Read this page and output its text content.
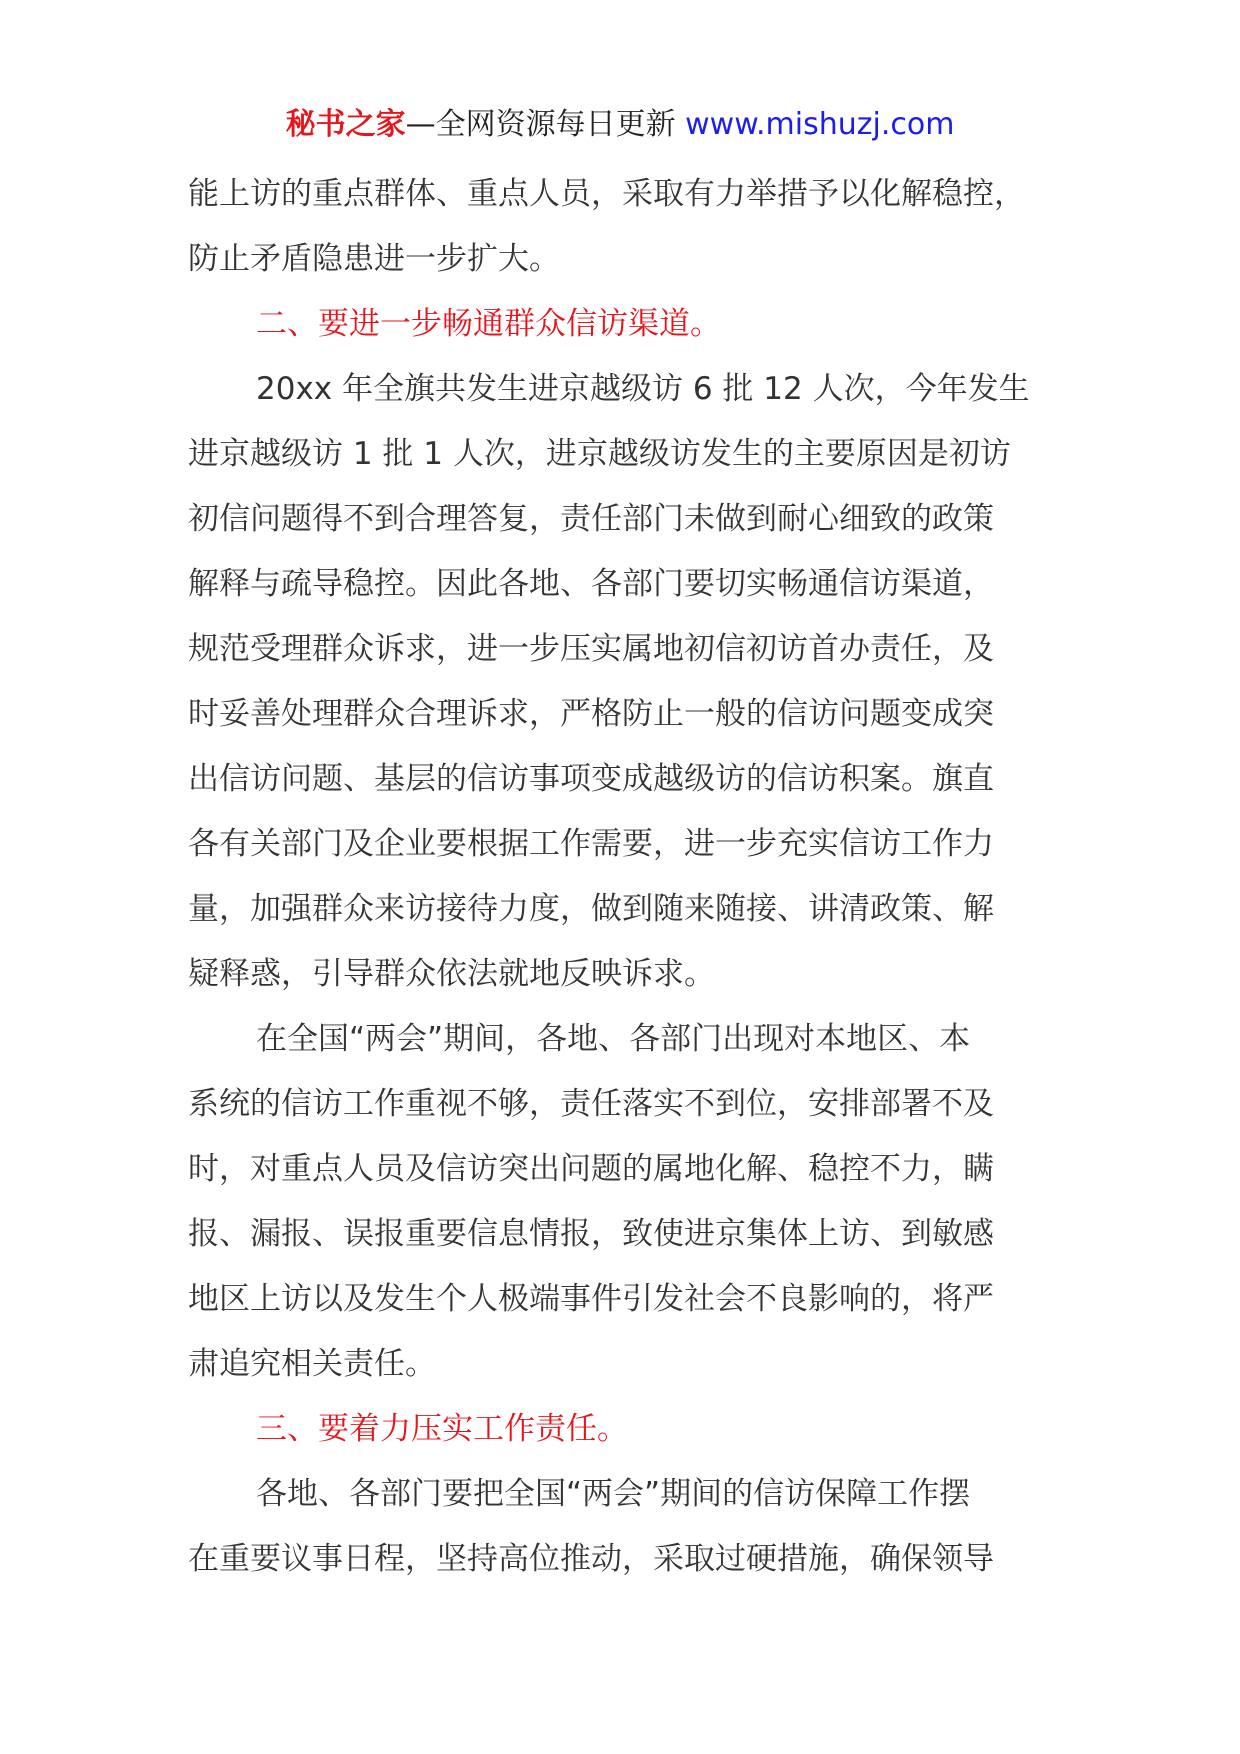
秘书之家—全网资源每日更新 www.mishuzj.com
能上访的重点群体、重点人员，采取有力举措予以化解稳控，
防止矛盾隐患进一步扩大。
二、要进一步畅通群众信访渠道。
20xx 年全旗共发生进京越级访 6 批 12 人次，今年发生
进京越级访 1 批 1 人次，进京越级访发生的主要原因是初访
初信问题得不到合理答复，责任部门未做到耐心细致的政策
解释与疏导稳控。因此各地、各部门要切实畅通信访渠道，
规范受理群众诉求，进一步压实属地初信初访首办责任，及
时妥善处理群众合理诉求，严格防止一般的信访问题变成突
出信访问题、基层的信访事项变成越级访的信访积案。旗直
各有关部门及企业要根据工作需要，进一步充实信访工作力
量，加强群众来访接待力度，做到随来随接、讲清政策、解
疑释惑，引导群众依法就地反映诉求。
在全国“两会”期间，各地、各部门出现对本地区、本
系统的信访工作重视不够，责任落实不到位，安排部署不及
时，对重点人员及信访突出问题的属地化解、稳控不力，瞒
报、漏报、误报重要信息情报，致使进京集体上访、到敏感
地区上访以及发生个人极端事件引发社会不良影响的，将严
肃追究相关责任。
三、要着力压实工作责任。
各地、各部门要把全国“两会”期间的信访保障工作摆
在重要议事日程，坚持高位推动，采取过硬措施，确保领导
